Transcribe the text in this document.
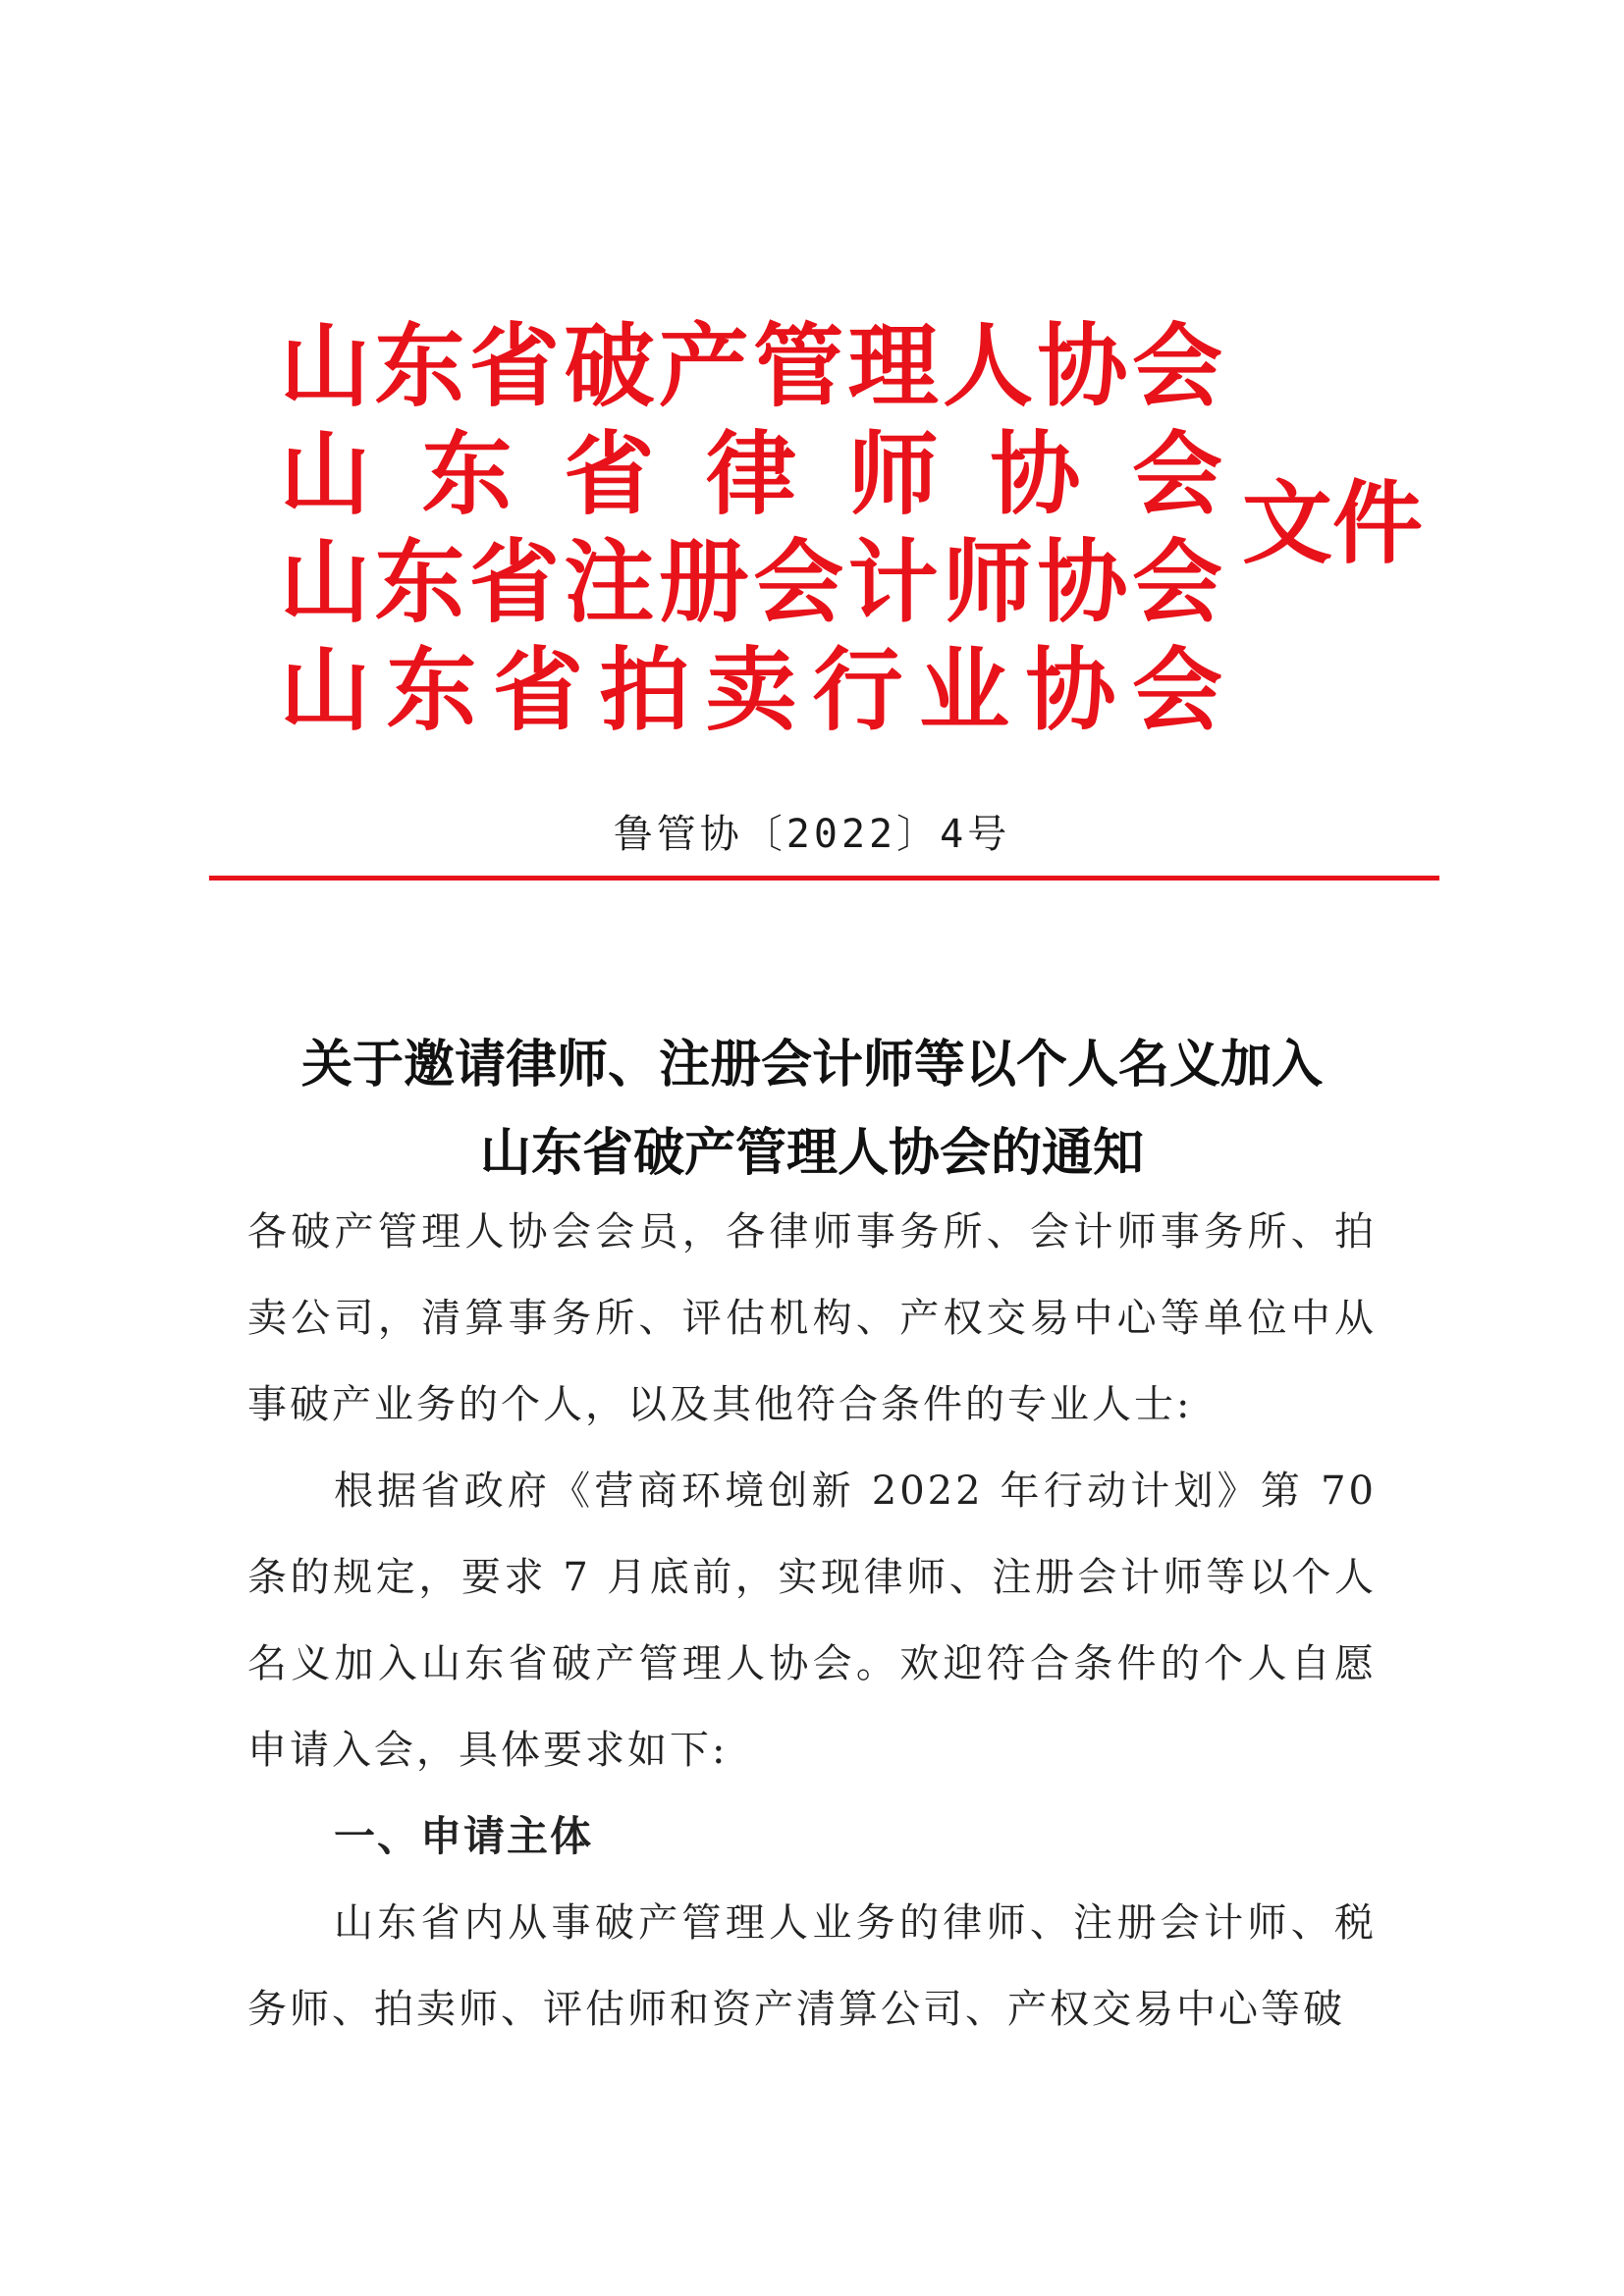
山东省破产管理人协会
山东省律师协会
山东省注册会计师协会
山东省拍卖行业协会
文件
鲁管协〔2022〕4号
关于邀请律师、注册会计师等以个人名义加入
山东省破产管理人协会的通知

各破产管理人协会会员，各律师事务所、会计师事务所、拍卖公司，清算事务所、评估机构、产权交易中心等单位中从事破产业务的个人，以及其他符合条件的专业人士:

根据省政府《营商环境创新 2022 年行动计划》第 70 条的规定，要求 7 月底前，实现律师、注册会计师等以个人名义加入山东省破产管理人协会。欢迎符合条件的个人自愿申请入会，具体要求如下:

一、申请主体

山东省内从事破产管理人业务的律师、注册会计师、税务师、拍卖师、评估师和资产清算公司、产权交易中心等破
